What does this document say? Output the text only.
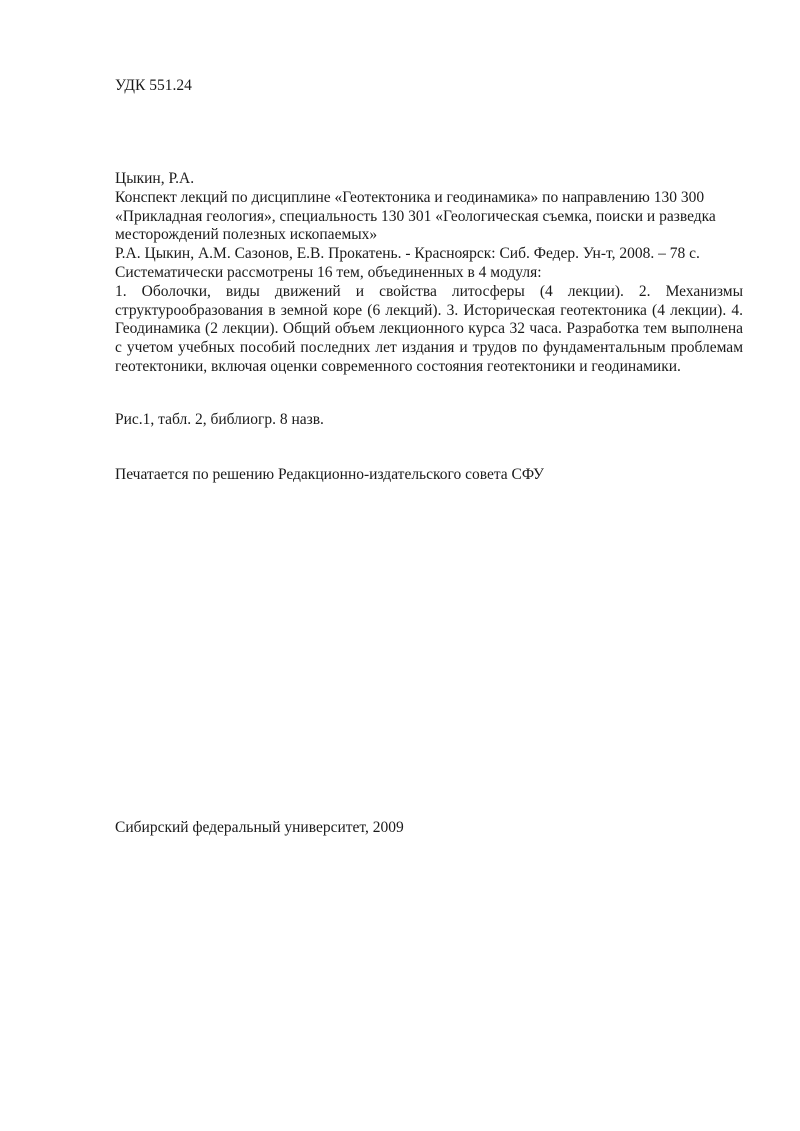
УДК 551.24

Цыкин, Р.А.

Конспект лекций по дисциплине «Геотектоника и геодинамика» по направлению 130 300 «Прикладная геология», специальность 130 301 «Геологическая съемка, поиски и разведка месторождений полезных ископаемых»

Р.А. Цыкин, А.М. Сазонов, Е.В. Прокатень. - Красноярск: Сиб. Федер. Ун-т, 2008. – 78 с.

Систематически рассмотрены 16 тем, объединенных в 4 модуля:

1. Оболочки, виды движений и свойства литосферы (4 лекции). 2. Механизмы структурообразования в земной коре (6 лекций). 3. Историческая геотектоника (4 лекции). 4. Геодинамика (2 лекции). Общий объем лекционного курса 32 часа. Разработка тем выполнена с учетом учебных пособий последних лет издания и трудов по фундаментальным проблемам геотектоники, включая оценки современного состояния геотектоники и геодинамики.

Рис.1, табл. 2, библиогр. 8 назв.
Печатается по решению Редакционно-издательского совета СФУ
Сибирский федеральный университет, 2009
